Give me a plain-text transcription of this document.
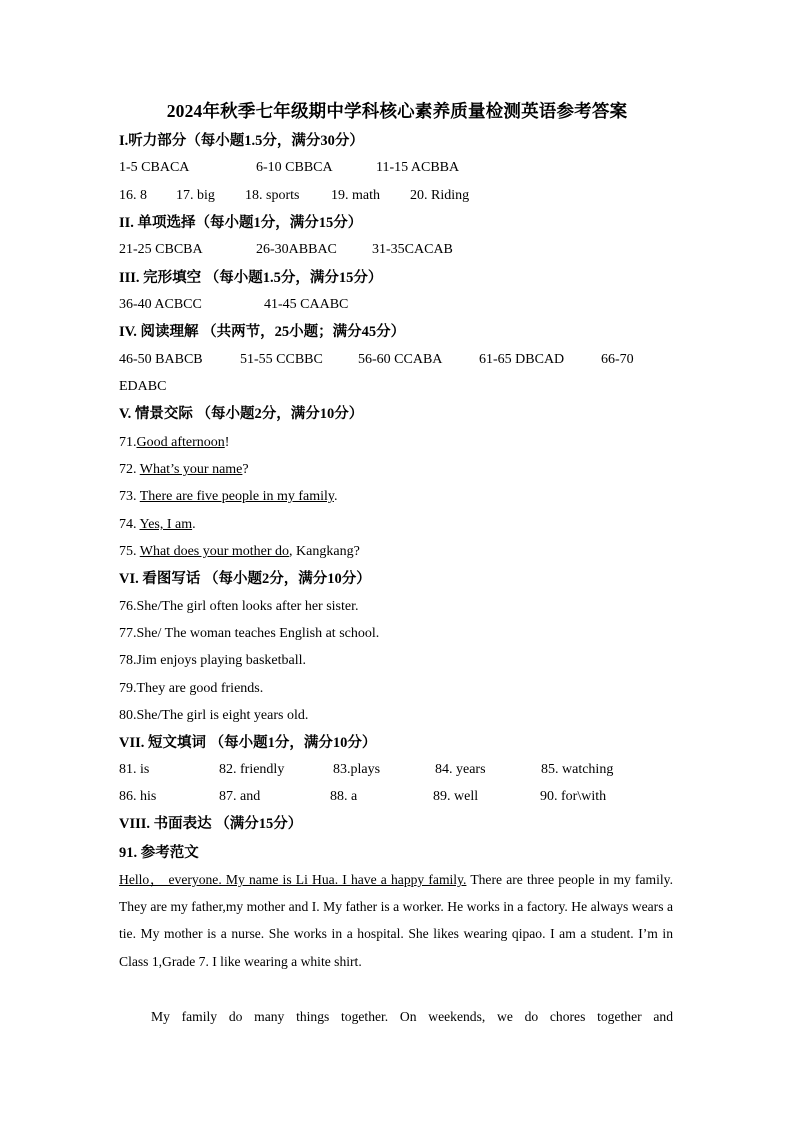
2024年秋季七年级期中学科核心素养质量检测英语参考答案
I.听力部分（每小题1.5分，满分30分）
1-5 CBACA	6-10 CBBCA	11-15 ACBBA
16. 8 17. big 18. sports 19. math 20. Riding
II. 单项选择（每小题1分，满分15分）
21-25 CBCBA	26-30ABBAC	31-35CACAB
III. 完形填空 （每小题1.5分，满分15分）
36-40 ACBCC	41-45 CAABC
IV. 阅读理解 （共两节，25小题；满分45分）
46-50 BABCB	51-55 CCBBC	56-60 CCABA	61-65 DBCAD	66-70
EDABC
V. 情景交际 （每小题2分，满分10分）
71.Good afternoon!
72. What’s your name?
73. There are five people in my family.
74. Yes, I am.
75. What does your mother do, Kangkang?
VI. 看图写话 （每小题2分，满分10分）
76.She/The girl often looks after her sister.
77.She/ The woman teaches English at school.
78.Jim enjoys playing basketball.
79.They are good friends.
80.She/The girl is eight years old.
VII. 短文填词 （每小题1分，满分10分）
81. is	82. friendly	83.plays	84. years	85. watching
86. his	87. and	88. a	89. well	90. for\with
VIII. 书面表达 （满分15分）
91. 参考范文
Hello， everyone. My name is Li Hua. I have a happy family. There are three people in my family. They are my father,my mother and I. My father is a worker. He works in a factory. He always wears a tie. My mother is a nurse. She works in a hospital. She likes wearing qipao. I am a student. I’m in Class 1,Grade 7. I like wearing a white shirt.
My family do many things together. On weekends, we do chores together and
